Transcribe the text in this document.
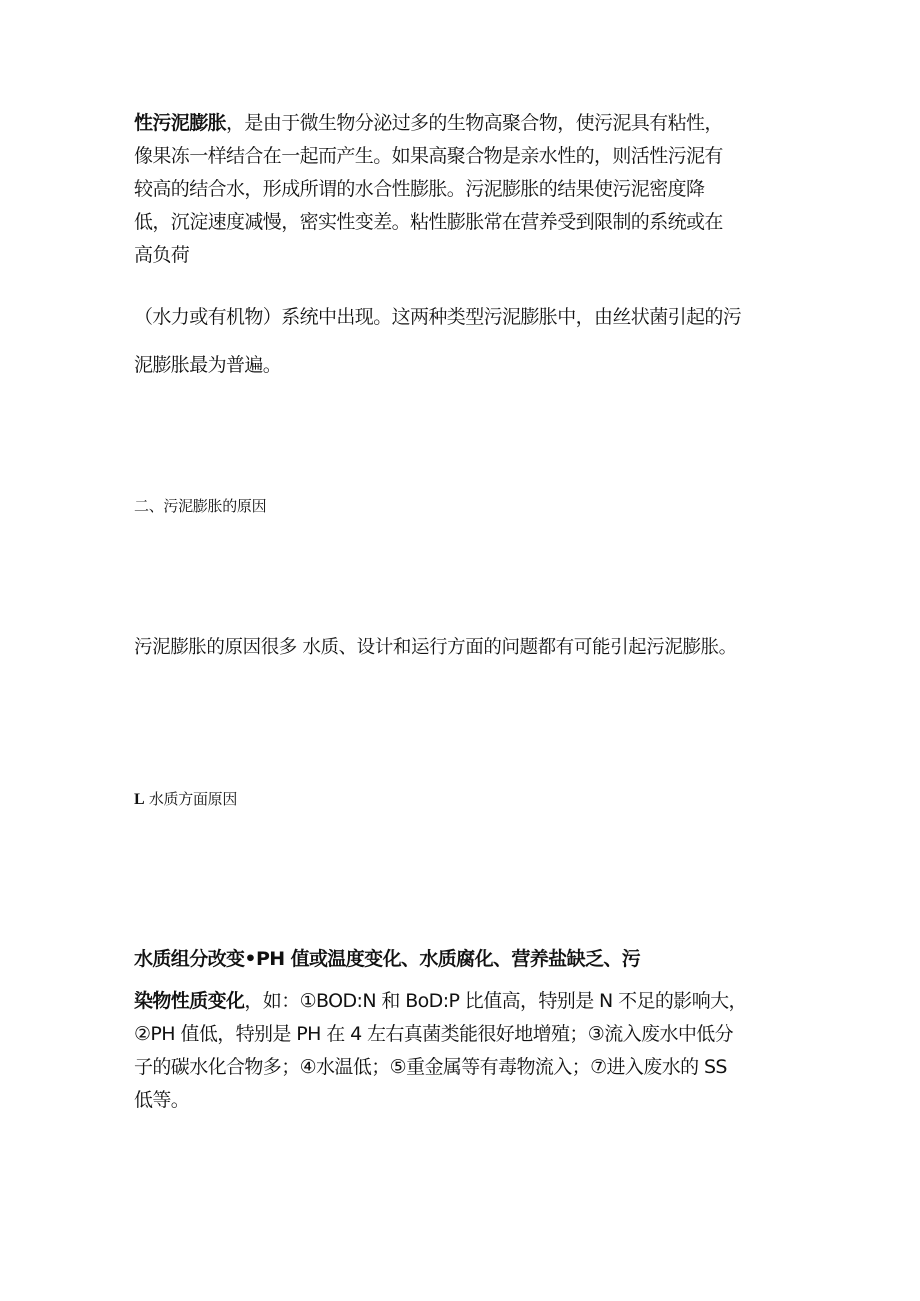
性污泥膨胀，是由于微生物分泌过多的生物高聚合物，使污泥具有粘性，

像果冻一样结合在一起而产生。如果高聚合物是亲水性的，则活性污泥有

较高的结合水，形成所谓的水合性膨胀。污泥膨胀的结果使污泥密度降

低，沉淀速度减慢，密实性变差。粘性膨胀常在营养受到限制的系统或在

高负荷

（水力或有机物）系统中出现。这两种类型污泥膨胀中，由丝状菌引起的污

泥膨胀最为普遍。

二、污泥膨胀的原因

污泥膨胀的原因很多 水质、设计和运行方面的问题都有可能引起污泥膨胀。

L 水质方面原因

水质组分改变•PH 值或温度变化、水质腐化、营养盐缺乏、污

染物性质变化，如：①BOD:N 和 BoD:P 比值高，特别是 N 不足的影响大，

②PH 值低，特别是 PH 在 4 左右真菌类能很好地增殖；③流入废水中低分

子的碳水化合物多；④水温低；⑤重金属等有毒物流入；⑦进入废水的 SS

低等。
